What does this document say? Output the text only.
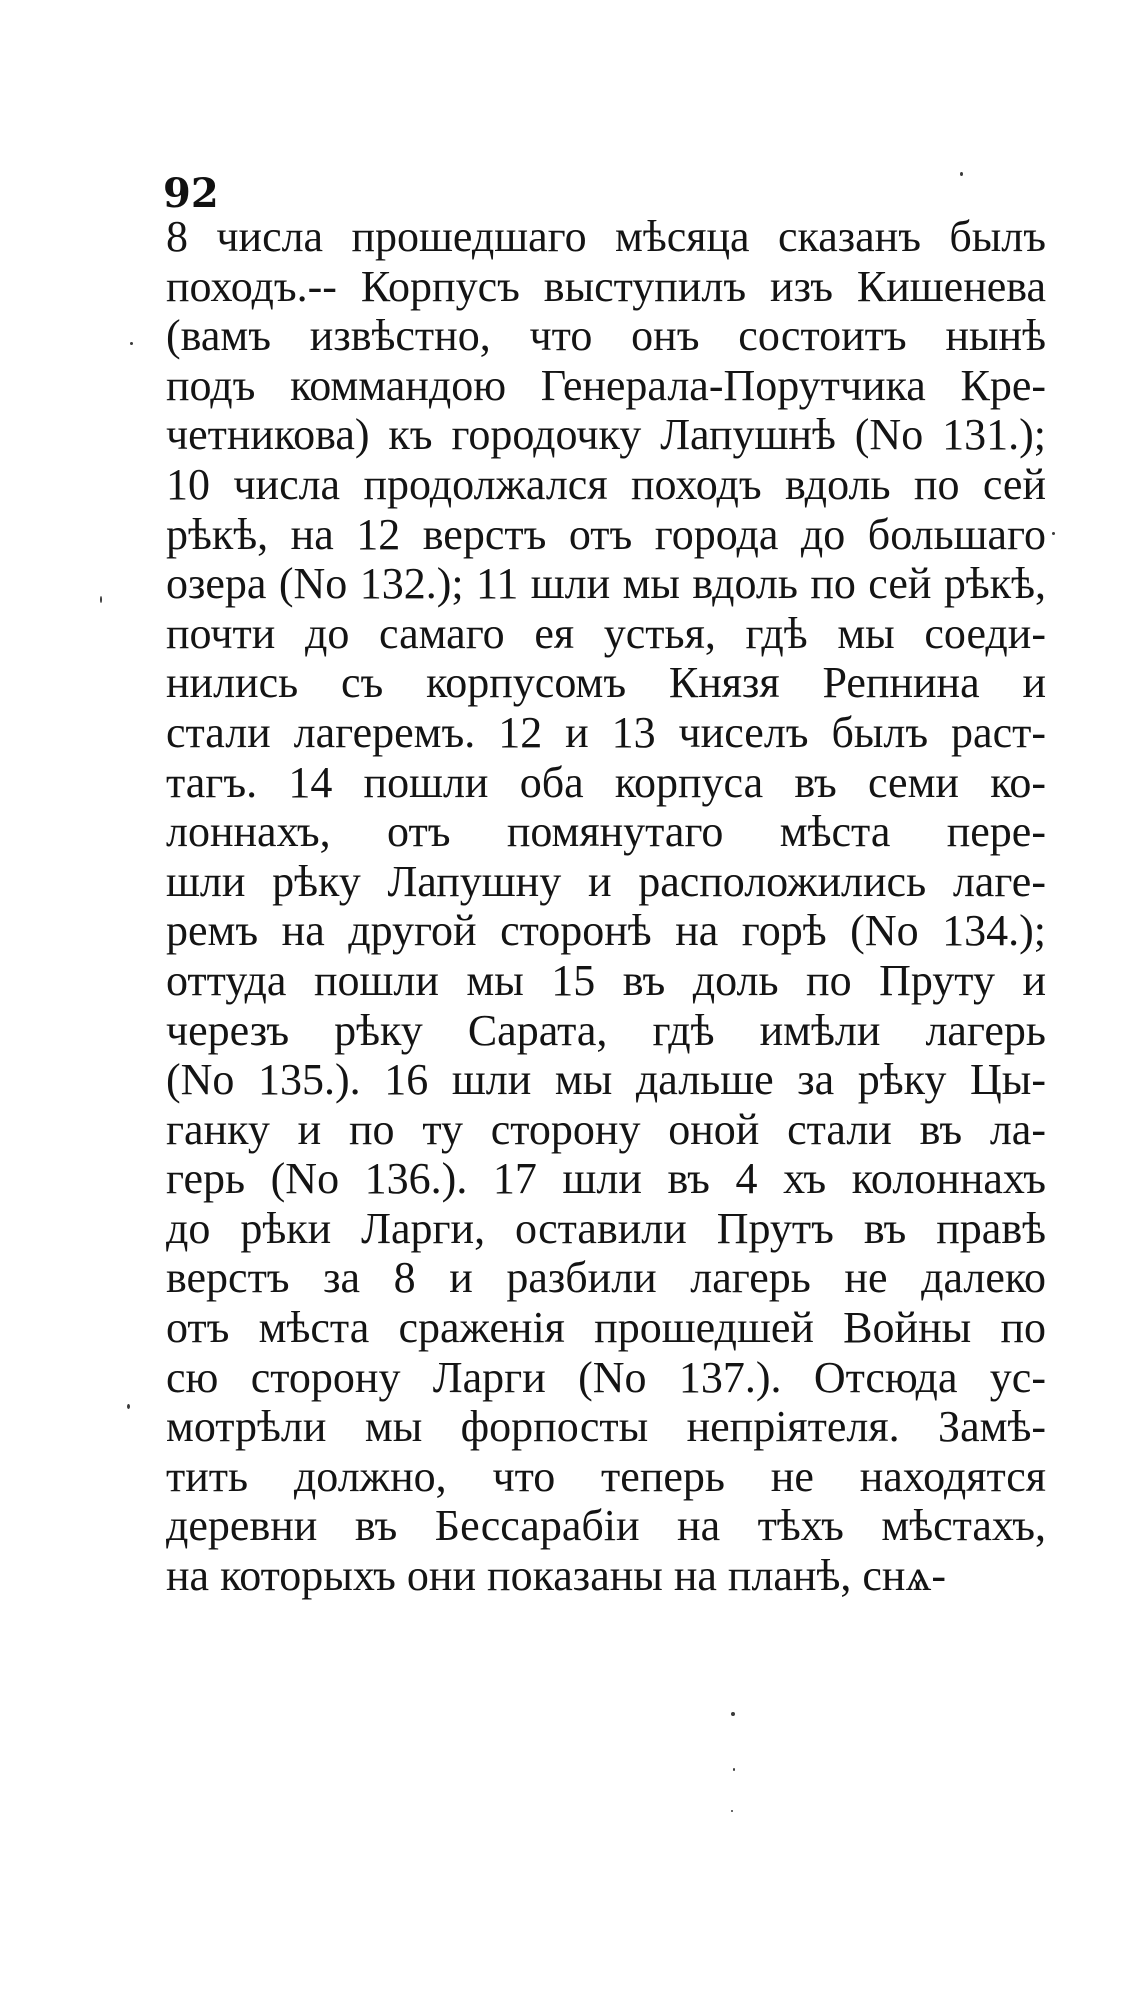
92
8 числа прошедшаго мѣсяца сказанъ былъ
походъ.-- Корпусъ выступилъ изъ Кишенева
(вамъ извѣстно, что онъ состоитъ нынѣ
подъ коммандою Генерала-Порутчика Кре-
четникова) къ городочку Лапушнѣ (No 131.);
10 числа продолжался походъ вдоль по сей
рѣкѣ, на 12 верстъ отъ города до большаго
озера (No 132.); 11 шли мы вдоль по сей рѣкѣ,
почти до самаго ея устья, гдѣ мы соеди-
нились съ корпусомъ Князя Репнина и
стали лагеремъ. 12 и 13 чиселъ былъ раст-
тагъ. 14 пошли оба корпуса въ семи ко-
лоннахъ, отъ помянутаго мѣста пере-
шли рѣку Лапушну и расположились лаге-
ремъ на другой сторонѣ на горѣ (No 134.);
оттуда пошли мы 15 въ доль по Пруту и
черезъ рѣку Сарата, гдѣ имѣли лагерь
(No 135.). 16 шли мы дальше за рѣку Цы-
ганку и по ту сторону оной стали въ ла-
герь (No 136.). 17 шли въ 4 хъ колоннахъ
до рѣки Ларги, оставили Прутъ въ правѣ
верстъ за 8 и разбили лагерь не далеко
отъ мѣста сраженія прошедшей Войны по
сю сторону Ларги (No 137.). Отсюда ус-
мотрѣли мы форпосты непріятеля. Замѣ-
тить должно, что теперь не находятся
деревни въ Бессарабіи на тѣхъ мѣстахъ,
на которыхъ они показаны на планѣ, снѧ-
